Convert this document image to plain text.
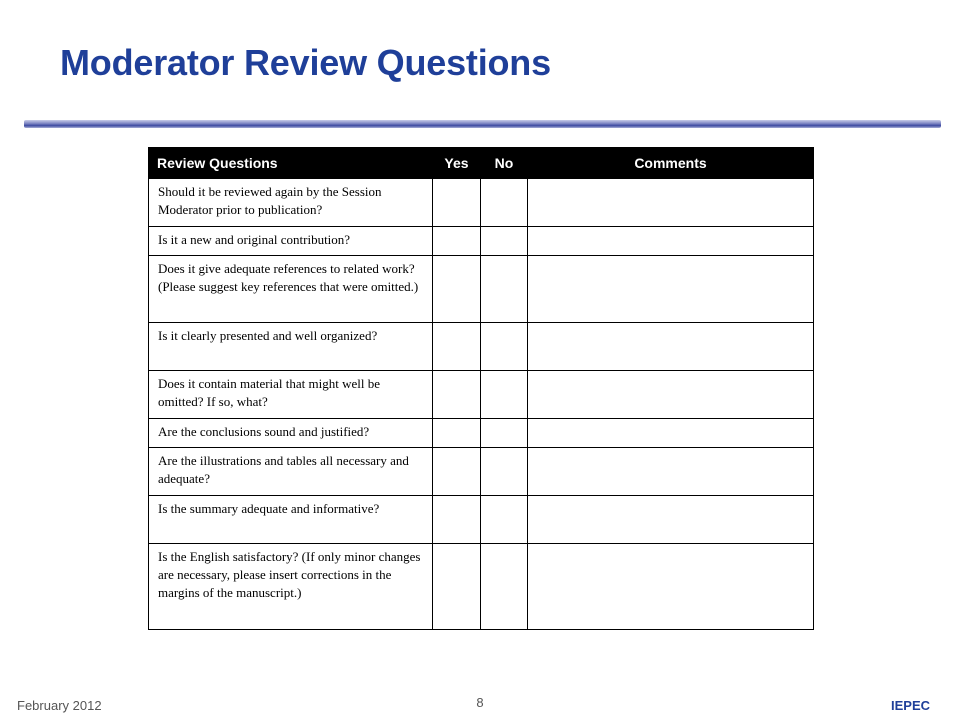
Moderator Review Questions
Review Questions	Yes	No	Comments
Should it be reviewed again by the Session Moderator prior to publication?			
Is it a new and original contribution?			
Does it give adequate references to related work? (Please suggest key references that were omitted.)			
Is it clearly presented and well organized?			
Does it contain material that might well be omitted? If so, what?			
Are the conclusions sound and justified?			
Are the illustrations and tables all necessary and adequate?			
Is the summary adequate and informative?			
Is the English satisfactory? (If only minor changes are necessary, please insert corrections in the margins of the manuscript.)			
February 2012	8	IEPEC
